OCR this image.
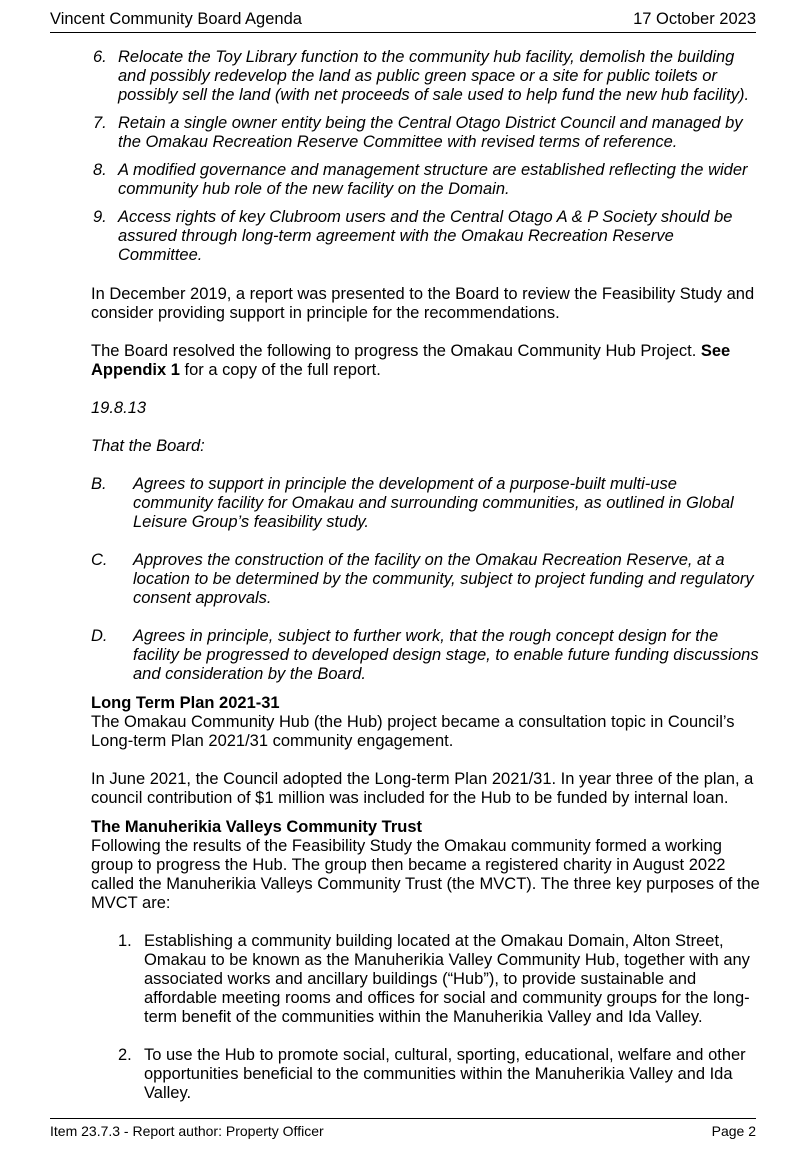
Vincent Community Board Agenda	17 October 2023
6. Relocate the Toy Library function to the community hub facility, demolish the building and possibly redevelop the land as public green space or a site for public toilets or possibly sell the land (with net proceeds of sale used to help fund the new hub facility).
7. Retain a single owner entity being the Central Otago District Council and managed by the Omakau Recreation Reserve Committee with revised terms of reference.
8. A modified governance and management structure are established reflecting the wider community hub role of the new facility on the Domain.
9. Access rights of key Clubroom users and the Central Otago A & P Society should be assured through long-term agreement with the Omakau Recreation Reserve Committee.

In December 2019, a report was presented to the Board to review the Feasibility Study and consider providing support in principle for the recommendations.

The Board resolved the following to progress the Omakau Community Hub Project. See Appendix 1 for a copy of the full report.

19.8.13

That the Board:

B. Agrees to support in principle the development of a purpose-built multi-use community facility for Omakau and surrounding communities, as outlined in Global Leisure Group’s feasibility study.
C. Approves the construction of the facility on the Omakau Recreation Reserve, at a location to be determined by the community, subject to project funding and regulatory consent approvals.
D. Agrees in principle, subject to further work, that the rough concept design for the facility be progressed to developed design stage, to enable future funding discussions and consideration by the Board.

Long Term Plan 2021-31

The Omakau Community Hub (the Hub) project became a consultation topic in Council’s Long-term Plan 2021/31 community engagement.

In June 2021, the Council adopted the Long-term Plan 2021/31. In year three of the plan, a council contribution of $1 million was included for the Hub to be funded by internal loan.

The Manuherikia Valleys Community Trust

Following the results of the Feasibility Study the Omakau community formed a working group to progress the Hub. The group then became a registered charity in August 2022 called the Manuherikia Valleys Community Trust (the MVCT). The three key purposes of the MVCT are:

1. Establishing a community building located at the Omakau Domain, Alton Street, Omakau to be known as the Manuherikia Valley Community Hub, together with any associated works and ancillary buildings (“Hub”), to provide sustainable and affordable meeting rooms and offices for social and community groups for the long-term benefit of the communities within the Manuherikia Valley and Ida Valley.
2. To use the Hub to promote social, cultural, sporting, educational, welfare and other opportunities beneficial to the communities within the Manuherikia Valley and Ida Valley.
Item 23.7.3 - Report author: Property Officer	Page 2
